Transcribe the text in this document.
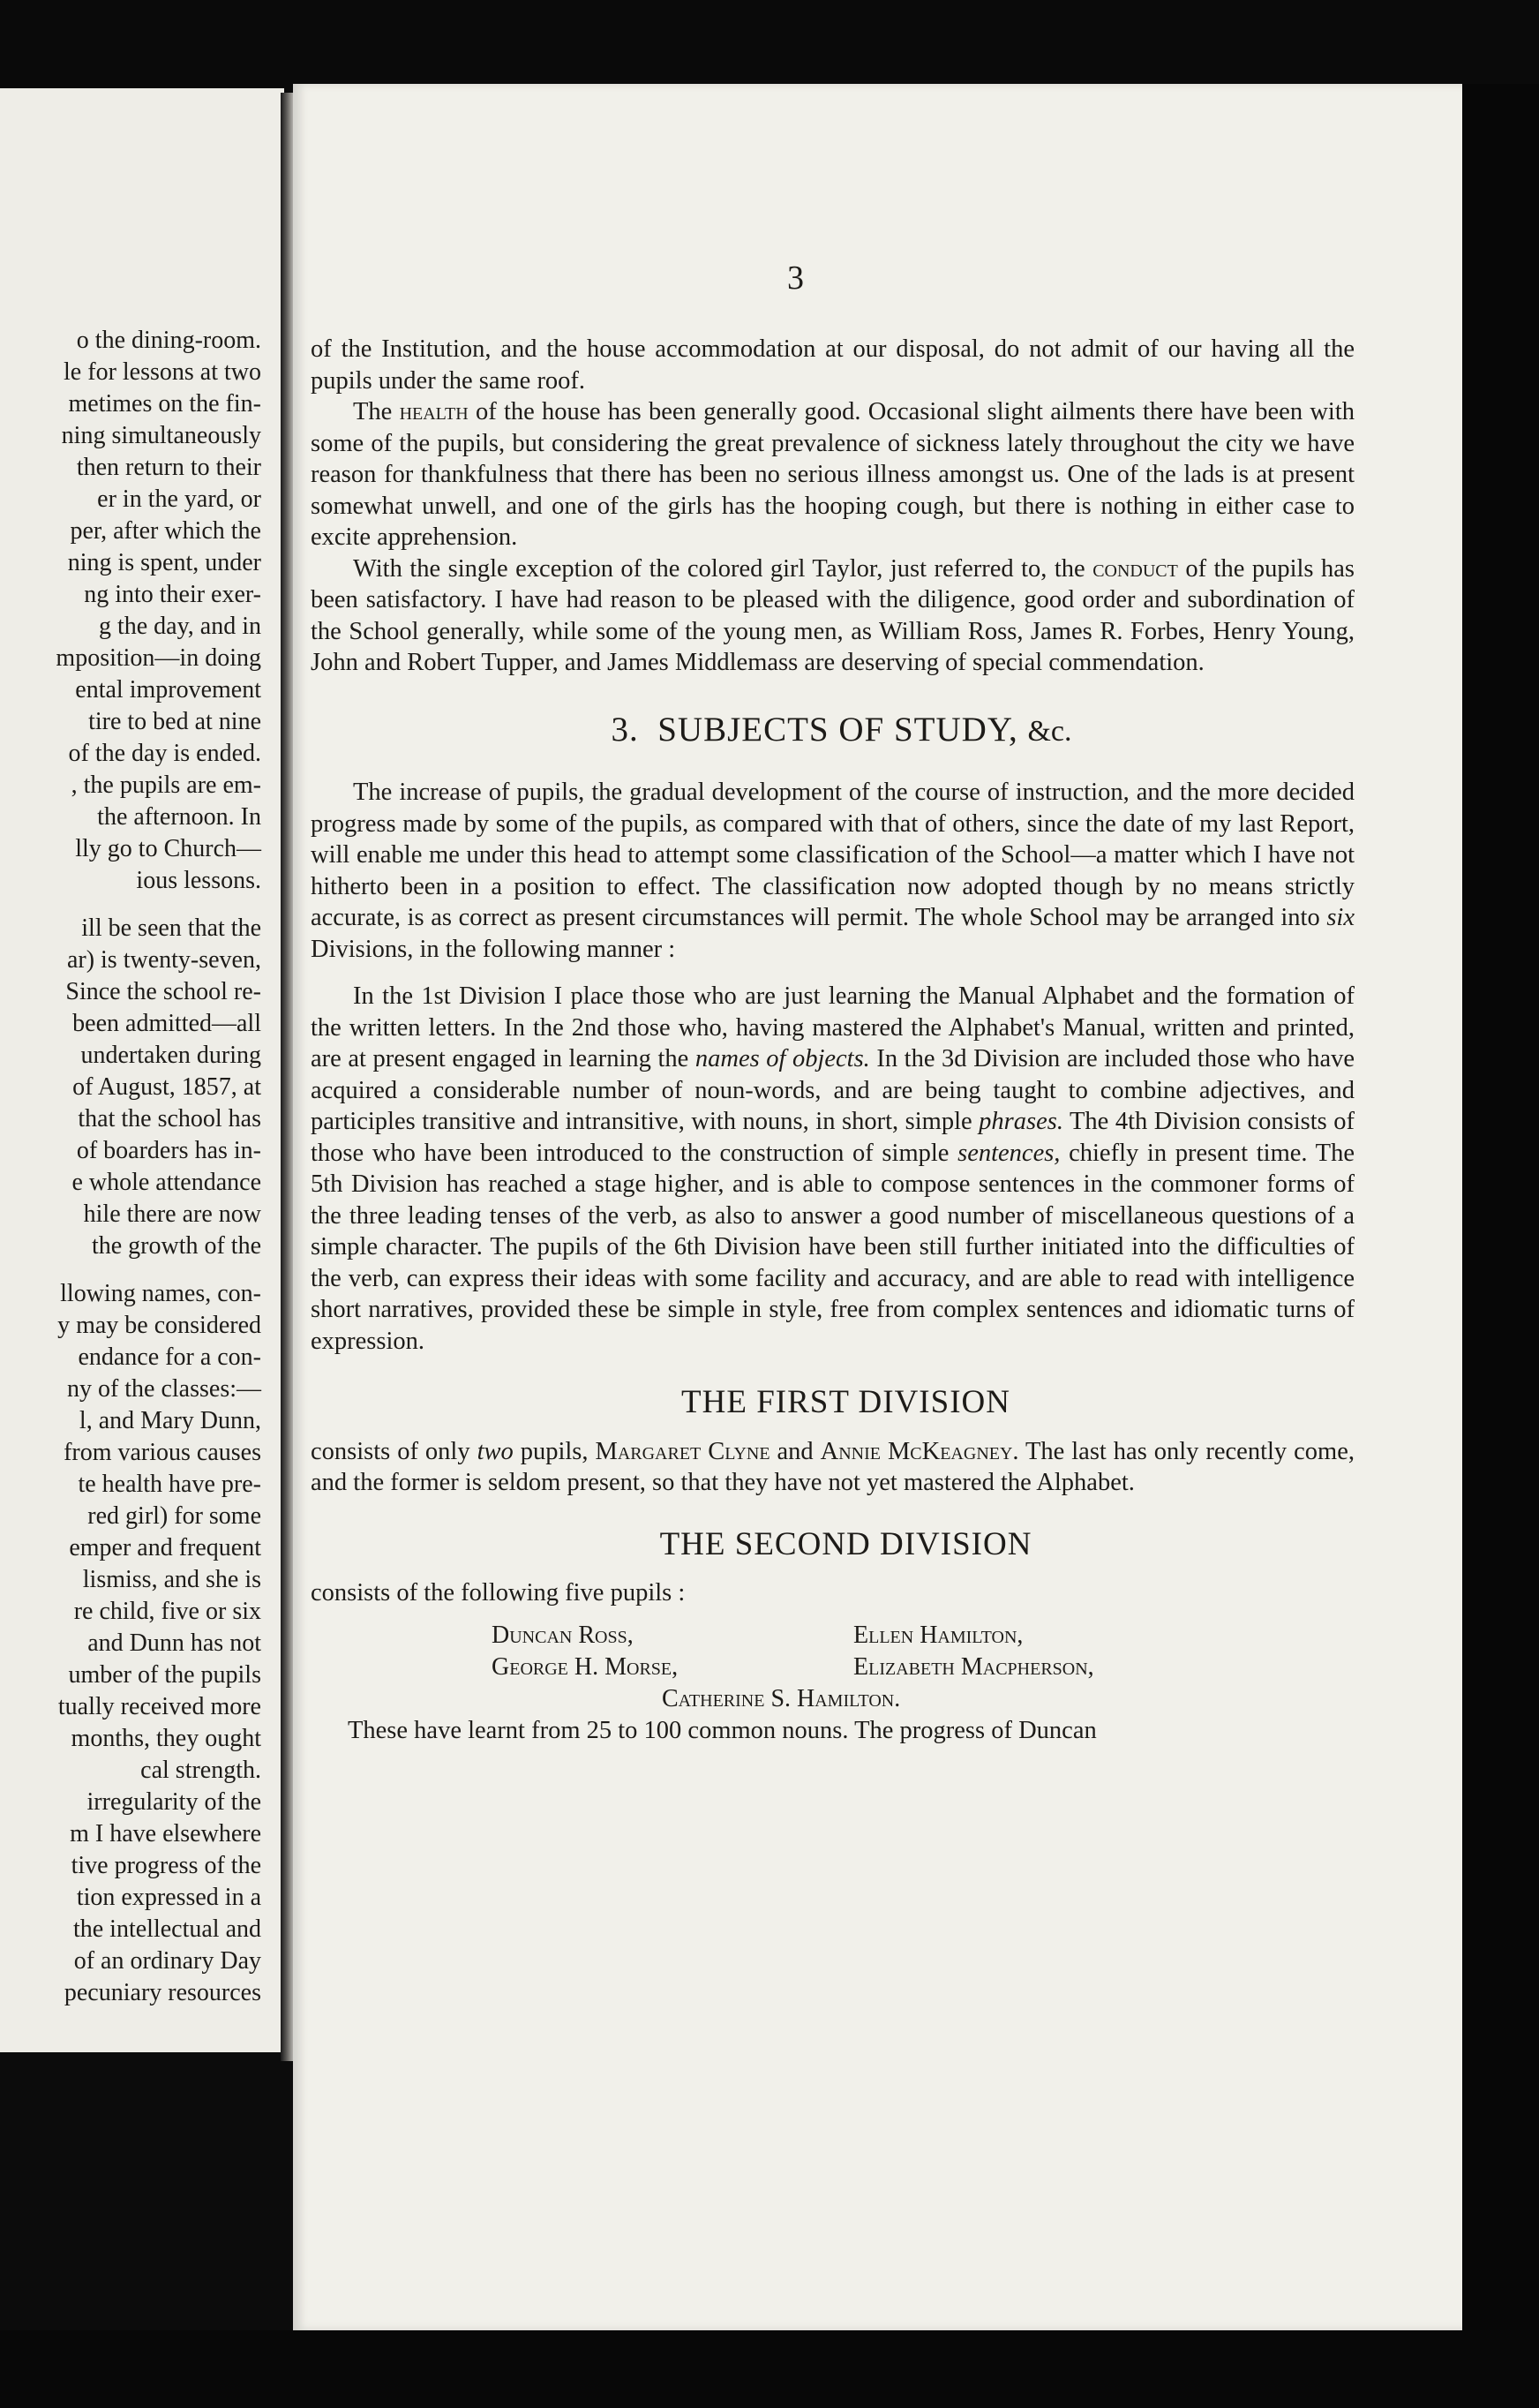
o the dining-room.
le for lessons at two
metimes on the fin-
ning simultaneously
then return to their
er in the yard, or
per, after which the
ning is spent, under
ng into their exer-
g the day, and in
mposition—in doing
ental improvement
tire to bed at nine
of the day is ended.
, the pupils are em-
the afternoon. In
lly go to Church—
ious lessons.
ill be seen that the
ar) is twenty-seven,
Since the school re-
been admitted—all
undertaken during
of August, 1857, at
that the school has
of boarders has in-
e whole attendance
hile there are now
the growth of the
llowing names, con-
y may be considered
endance for a con-
ny of the classes:—
l, and Mary Dunn,
from various causes
te health have pre-
red girl) for some
emper and frequent
lismiss, and she is
re child, five or six
and Dunn has not
umber of the pupils
tually received more
months, they ought
cal strength.
irregularity of the
m I have elsewhere
tive progress of the
tion expressed in a
the intellectual and
of an ordinary Day
pecuniary resources
3

of the Institution, and the house accommodation at our disposal, do not admit of our having all the pupils under the same roof.

The health of the house has been generally good. Occasional slight ailments there have been with some of the pupils, but considering the great prevalence of sickness lately throughout the city we have reason for thankfulness that there has been no serious illness amongst us. One of the lads is at present somewhat unwell, and one of the girls has the hooping cough, but there is nothing in either case to excite apprehension.

With the single exception of the colored girl Taylor, just referred to, the conduct of the pupils has been satisfactory. I have had reason to be pleased with the diligence, good order and subordination of the School generally, while some of the young men, as William Ross, James R. Forbes, Henry Young, John and Robert Tupper, and James Middlemass are deserving of special commendation.

3. SUBJECTS OF STUDY, &c.

The increase of pupils, the gradual development of the course of instruction, and the more decided progress made by some of the pupils, as compared with that of others, since the date of my last Report, will enable me under this head to attempt some classification of the School—a matter which I have not hitherto been in a position to effect. The classification now adopted though by no means strictly accurate, is as correct as present circumstances will permit. The whole School may be arranged into six Divisions, in the following manner :

In the 1st Division I place those who are just learning the Manual Alphabet and the formation of the written letters. In the 2nd those who, having mastered the Alphabet's Manual, written and printed, are at present engaged in learning the names of objects. In the 3d Division are included those who have acquired a considerable number of noun-words, and are being taught to combine adjectives, and participles transitive and intransitive, with nouns, in short, simple phrases. The 4th Division consists of those who have been introduced to the construction of simple sentences, chiefly in present time. The 5th Division has reached a stage higher, and is able to compose sentences in the commoner forms of the three leading tenses of the verb, as also to answer a good number of miscellaneous questions of a simple character. The pupils of the 6th Division have been still further initiated into the difficulties of the verb, can express their ideas with some facility and accuracy, and are able to read with intelligence short narratives, provided these be simple in style, free from complex sentences and idiomatic turns of expression.

THE FIRST DIVISION

consists of only two pupils, Margaret Clyne and Annie McKeagney. The last has only recently come, and the former is seldom present, so that they have not yet mastered the Alphabet.

THE SECOND DIVISION

consists of the following five pupils :

Duncan Ross,	Ellen Hamilton,
George H. Morse,	Elizabeth Macpherson,
Catherine S. Hamilton.

These have learnt from 25 to 100 common nouns. The progress of Duncan
